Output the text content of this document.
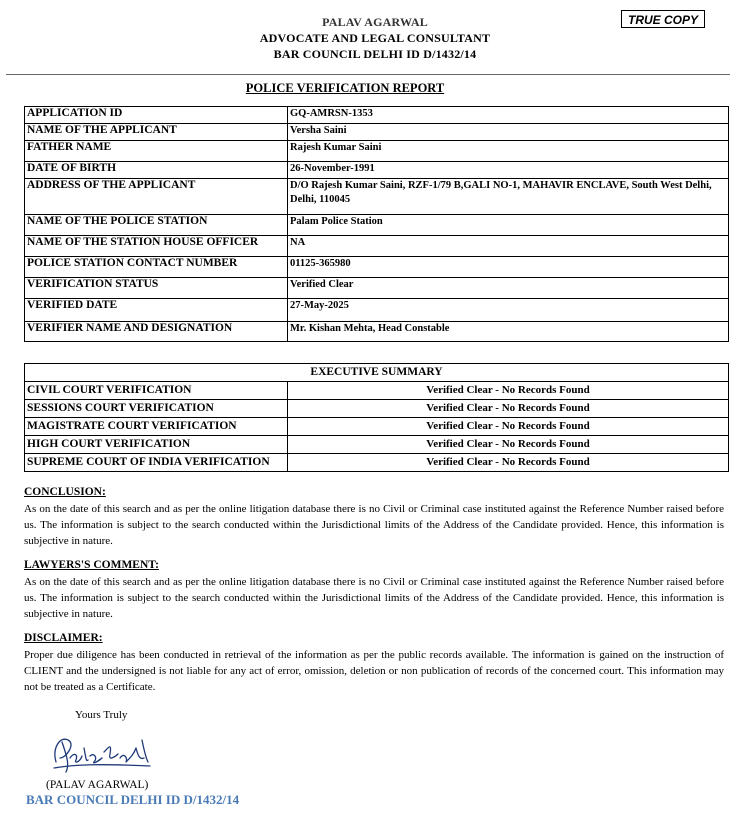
PALAV AGARWAL
ADVOCATE AND LEGAL CONSULTANT
BAR COUNCIL DELHI ID D/1432/14
TRUE COPY
POLICE VERIFICATION REPORT
APPLICATION ID	GQ-AMRSN-1353
NAME OF THE APPLICANT	Versha Saini
FATHER NAME	Rajesh Kumar Saini
DATE OF BIRTH	26-November-1991
ADDRESS OF THE APPLICANT	D/O Rajesh Kumar Saini, RZF-1/79 B,GALI NO-1, MAHAVIR ENCLAVE, South West Delhi, Delhi, 110045
NAME OF THE POLICE STATION	Palam Police Station
NAME OF THE STATION HOUSE OFFICER	NA
POLICE STATION CONTACT NUMBER	01125-365980
VERIFICATION STATUS	Verified Clear
VERIFIED DATE	27-May-2025
VERIFIER NAME AND DESIGNATION	Mr. Kishan Mehta, Head Constable
EXECUTIVE SUMMARY	
CIVIL COURT VERIFICATION	Verified Clear - No Records Found
SESSIONS COURT VERIFICATION	Verified Clear - No Records Found
MAGISTRATE COURT VERIFICATION	Verified Clear - No Records Found
HIGH COURT VERIFICATION	Verified Clear - No Records Found
SUPREME COURT OF INDIA VERIFICATION	Verified Clear - No Records Found
CONCLUSION:

As on the date of this search and as per the online litigation database there is no Civil or Criminal case instituted against the Reference Number raised before us. The information is subject to the search conducted within the Jurisdictional limits of the Address of the Candidate provided. Hence, this information is subjective in nature.

LAWYERS'S COMMENT:

As on the date of this search and as per the online litigation database there is no Civil or Criminal case instituted against the Reference Number raised before us. The information is subject to the search conducted within the Jurisdictional limits of the Address of the Candidate provided. Hence, this information is subjective in nature.

DISCLAIMER:

Proper due diligence has been conducted in retrieval of the information as per the public records available. The information is gained on the instruction of CLIENT and the undersigned is not liable for any act of error, omission, deletion or non publication of records of the concerned court. This information may not be treated as a Certificate.

Yours Truly
(PALAV AGARWAL)
BAR COUNCIL DELHI ID D/1432/14
